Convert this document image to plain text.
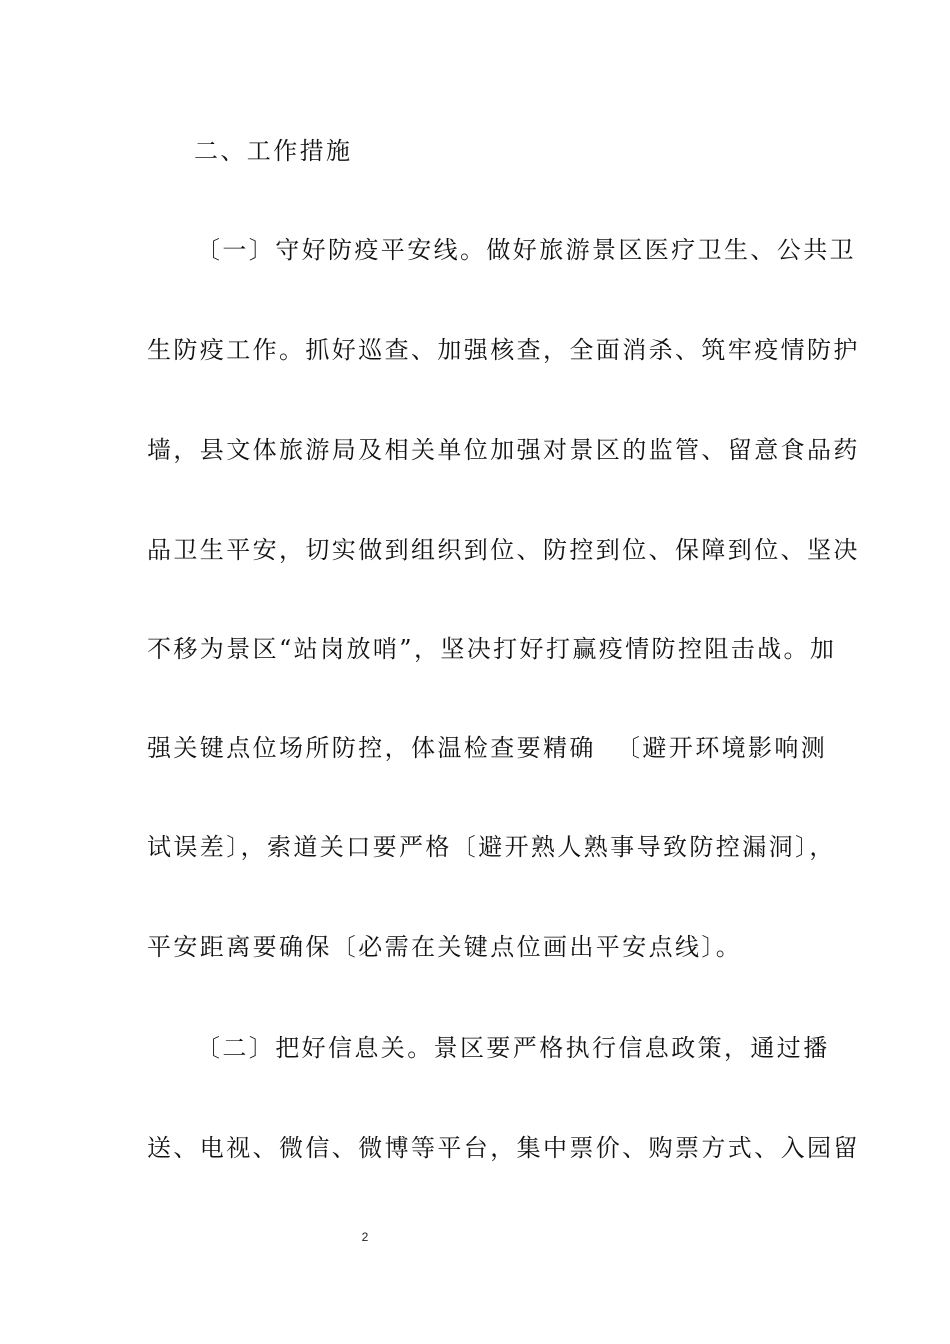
二、工作措施
〔一〕守好防疫平安线。做好旅游景区医疗卫生、公共卫
生防疫工作。抓好巡查、加强核查，全面消杀、筑牢疫情防护
墙，县文体旅游局及相关单位加强对景区的监管、留意食品药
品卫生平安，切实做到组织到位、防控到位、保障到位、坚决
不移为景区“站岗放哨”，坚决打好打赢疫情防控阻击战。加
强关键点位场所防控，体温检查要精确 〔避开环境影响测
试误差〕，索道关口要严格〔避开熟人熟事导致防控漏洞〕，
平安距离要确保〔必需在关键点位画出平安点线〕。
〔二〕把好信息关。景区要严格执行信息政策，通过播
送、电视、微信、微博等平台，集中票价、购票方式、入园留
2
